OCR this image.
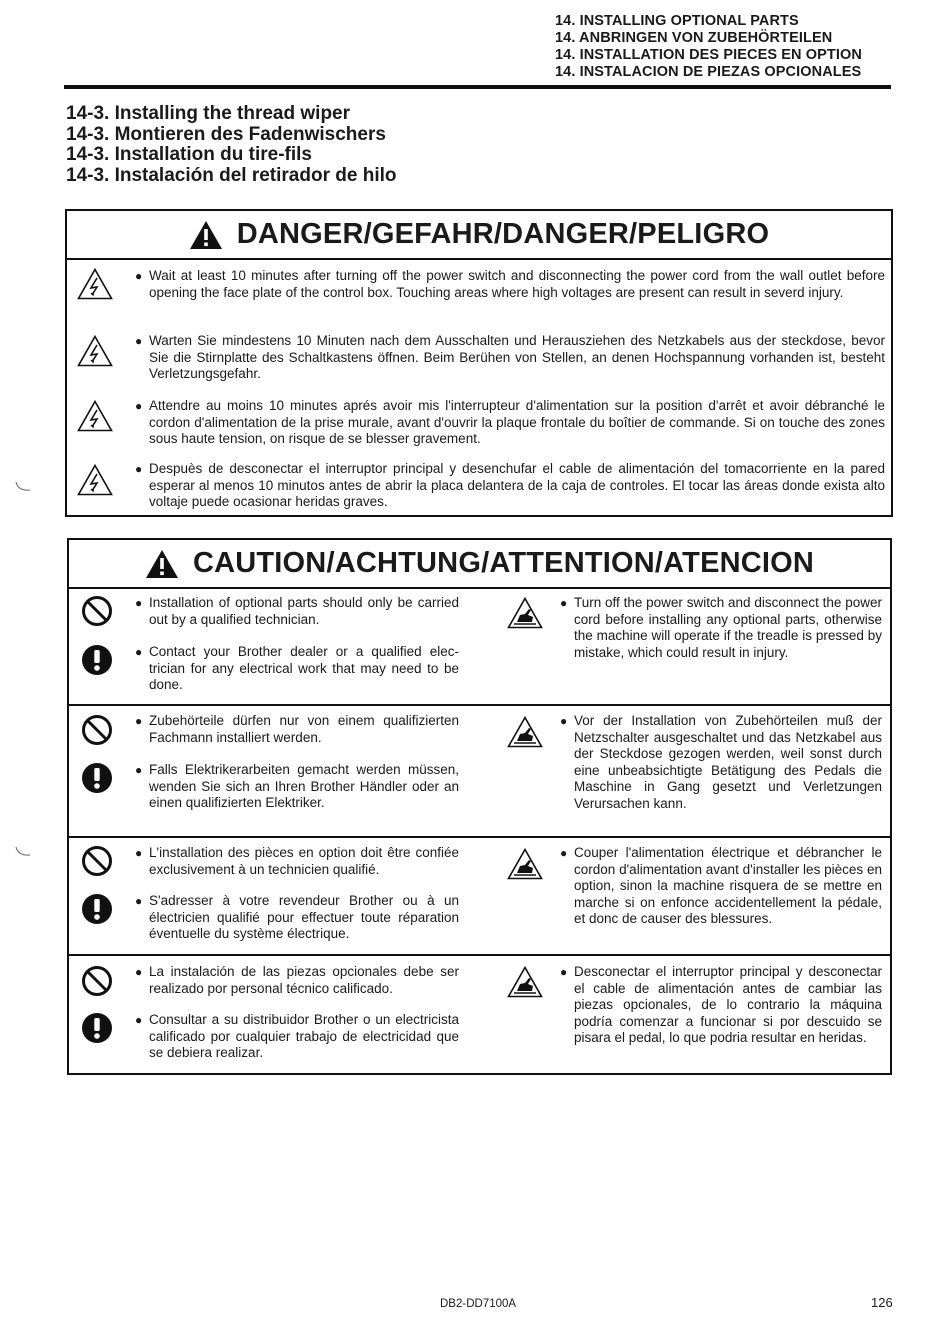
14. INSTALLING OPTIONAL PARTS
14. ANBRINGEN VON ZUBEHÖRTEILEN
14. INSTALLATION DES PIECES EN OPTION
14. INSTALACION DE PIEZAS OPCIONALES
14-3. Installing the thread wiper
14-3. Montieren des Fadenwischers
14-3. Installation du tire-fils
14-3. Instalación del retirador de hilo
DANGER/GEFAHR/DANGER/PELIGRO
● Wait at least 10 minutes after turning off the power switch and disconnecting the power cord from the wall outlet before opening the face plate of the control box. Touching areas where high voltages are present can result in severd injury.
● Warten Sie mindestens 10 Minuten nach dem Ausschalten und Herausziehen des Netzkabels aus der steckdose, bevor Sie die Stirnplatte des Schaltkastens öffnen. Beim Berühen von Stellen, an denen Hochspannung vorhanden ist, besteht Verletzungsgefahr.
● Attendre au moins 10 minutes aprés avoir mis l'interrupteur d'alimentation sur la position d'arrêt et avoir débranché le cordon d'alimentation de la prise murale, avant d'ouvrir la plaque frontale du boîtier de commande. Si on touche des zones sous haute tension, on risque de se blesser gravement.
● Despuès de desconectar el interruptor principal y desenchufar el cable de alimentación del tomacorriente en la pared esperar al menos 10 minutos antes de abrir la placa delantera de la caja de controles. El tocar las áreas donde exista alto voltaje puede ocasionar heridas graves.
CAUTION/ACHTUNG/ATTENTION/ATENCION
● Installation of optional parts should only be carried out by a qualified technician.
● Contact your Brother dealer or a qualified elec-trician for any electrical work that may need to be done.
● Turn off the power switch and disconnect the power cord before installing any optional parts, otherwise the machine will operate if the treadle is pressed by mistake, which could result in injury.
● Zubehörteile dürfen nur von einem qualifizierten Fachmann installiert werden.
● Falls Elektrikerarbeiten gemacht werden müssen, wenden Sie sich an Ihren Brother Händler oder an einen qualifizierten Elektriker.
● Vor der Installation von Zubehörteilen muß der Netzschalter ausgeschaltet und das Netzkabel aus der Steckdose gezogen werden, weil sonst durch eine unbeabsichtigte Betätigung des Pedals die Maschine in Gang gesetzt und Verletzungen Verursachen kann.
● L'installation des pièces en option doit être confiée exclusivement à un technicien qualifié.
● S'adresser à votre revendeur Brother ou à un électricien qualifié pour effectuer toute réparation éventuelle du système électrique.
● Couper l'alimentation électrique et débrancher le cordon d'alimentation avant d'installer les pièces en option, sinon la machine risquera de se mettre en marche si on enfonce accidentellement la pédale, et donc de causer des blessures.
● La instalación de las piezas opcionales debe ser realizado por personal técnico calificado.
● Consultar a su distribuidor Brother o un electricista calificado por cualquier trabajo de electricidad que se debiera realizar.
● Desconectar el interruptor principal y desconectar el cable de alimentación antes de cambiar las piezas opcionales, de lo contrario la máquina podría comenzar a funcionar si por descuido se pisara el pedal, lo que podria resultar en heridas.
DB2-DD7100A	126
